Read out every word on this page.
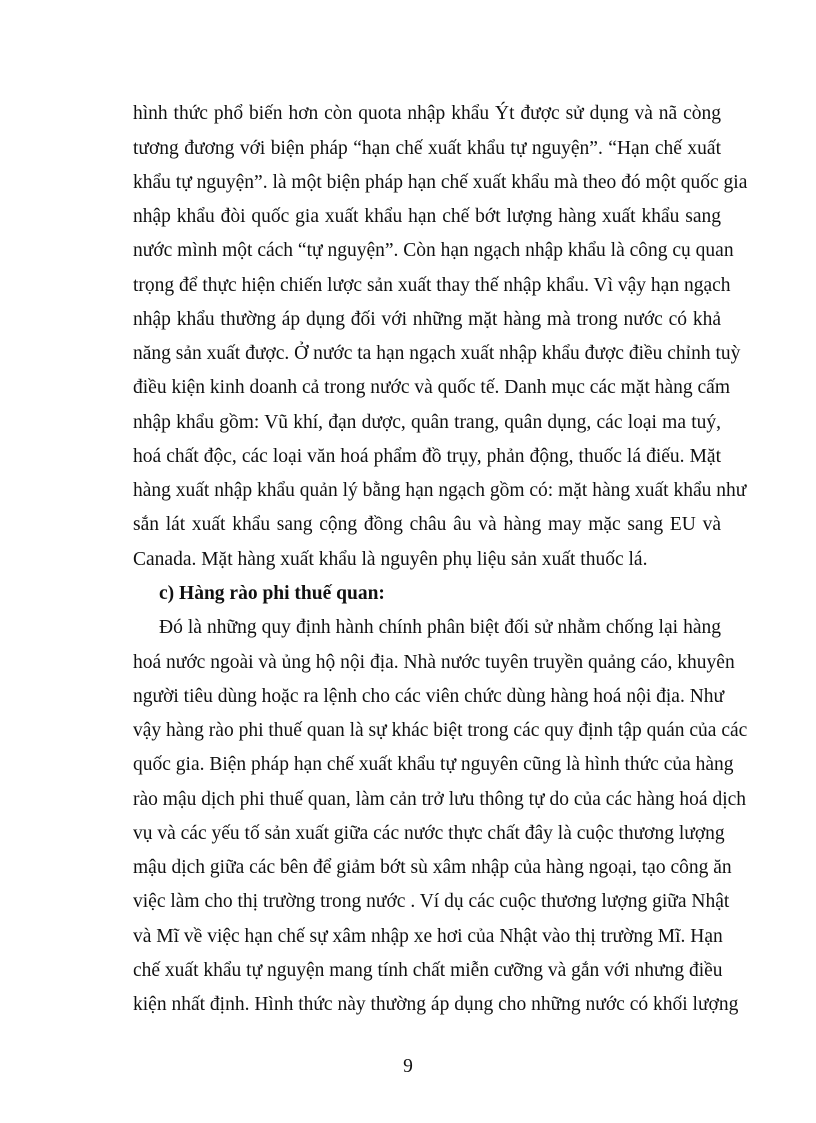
hình thức phổ biến hơn còn quota nhập khẩu Ýt được sử dụng và nã còng
tương đương với biện pháp “hạn chế xuất khẩu tự nguyện”. “Hạn chế xuất
khẩu tự nguyện”. là một biện pháp hạn chế xuất khẩu mà theo đó một quốc gia
nhập khẩu đòi quốc gia xuất khẩu hạn chế bớt lượng hàng xuất khẩu sang
nước mình một cách “tự nguyện”. Còn hạn ngạch nhập khẩu là công cụ quan
trọng để thực hiện chiến lược sản xuất thay thế nhập khẩu. Vì vậy hạn ngạch
nhập khẩu thường áp dụng đối với những mặt hàng mà trong nước có khả
năng sản xuất được. Ở nước ta hạn ngạch xuất nhập khẩu được điều chỉnh tuỳ
điều kiện kinh doanh cả trong nước và quốc tế. Danh mục các mặt hàng cấm
nhập khẩu gồm: Vũ khí, đạn dược, quân trang, quân dụng, các loại ma tuý,
hoá chất độc, các loại văn hoá phẩm đồ trụy, phản động, thuốc lá điếu. Mặt
hàng xuất nhập khẩu quản lý bằng hạn ngạch gồm có: mặt hàng xuất khẩu như
sắn lát xuất khẩu sang cộng đồng châu âu và hàng may mặc sang EU và
Canada. Mặt hàng xuất khẩu là nguyên phụ liệu sản xuất thuốc lá.
c) Hàng rào phi thuế quan:
Đó là những quy định hành chính phân biệt đối sử nhằm chống lại hàng
hoá nước ngoài và ủng hộ nội địa. Nhà nước tuyên truyền quảng cáo, khuyên
người tiêu dùng hoặc ra lệnh cho các viên chức dùng hàng hoá nội địa. Như
vậy hàng rào phi thuế quan là sự khác biệt trong các quy định tập quán của các
quốc gia. Biện pháp hạn chế xuất khẩu tự nguyên cũng là hình thức của hàng
rào mậu dịch phi thuế quan, làm cản trở lưu thông tự do của các hàng hoá dịch
vụ và các yếu tố sản xuất giữa các nước thực chất đây là cuộc thương lượng
mậu dịch giữa các bên để giảm bớt sù xâm nhập của hàng ngoại, tạo công ăn
việc làm cho thị trường trong nước . Ví dụ các cuộc thương lượng giữa Nhật
và Mĩ về việc hạn chế sự xâm nhập xe hơi của Nhật vào thị trường Mĩ. Hạn
chế xuất khẩu tự nguyện mang tính chất miễn cưỡng và gắn với nhưng điều
kiện nhất định. Hình thức này thường áp dụng cho những nước có khối lượng
9
